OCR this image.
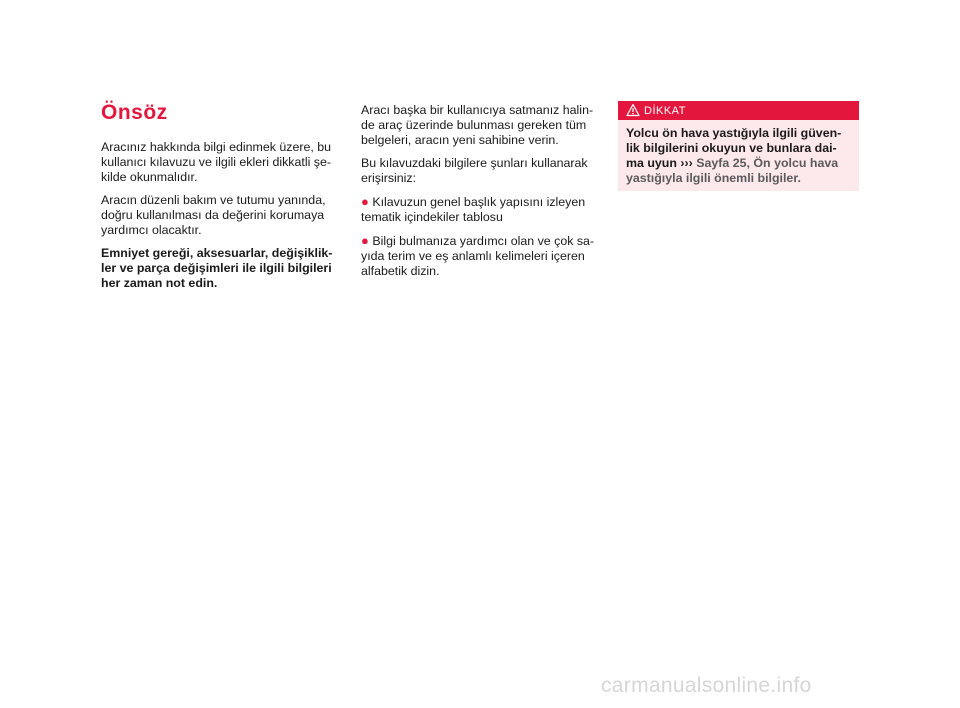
Önsöz

Aracınız hakkında bilgi edinmek üzere, bu kullanıcı kılavuzu ve ilgili ekleri dikkatli şe-kilde okunmalıdır.

Aracın düzenli bakım ve tutumu yanında, doğru kullanılması da değerini korumaya yardımcı olacaktır.

Emniyet gereği, aksesuarlar, değişiklik-ler ve parça değişimleri ile ilgili bilgileri her zaman not edin.

Aracı başka bir kullanıcıya satmanız halin-de araç üzerinde bulunması gereken tüm belgeleri, aracın yeni sahibine verin.

Bu kılavuzdaki bilgilere şunları kullanarak erişirsiniz:

● Kılavuzun genel başlık yapısını izleyen tematik içindekiler tablosu

● Bilgi bulmanıza yardımcı olan ve çok sa-yıda terim ve eş anlamlı kelimeleri içeren alfabetik dizin.

DİKKAT
Yolcu ön hava yastığıyla ilgili güven-lik bilgilerini okuyun ve bunlara dai-ma uyun ››› Sayfa 25, Ön yolcu hava yastığıyla ilgili önemli bilgiler.
carmanualsonline.info
